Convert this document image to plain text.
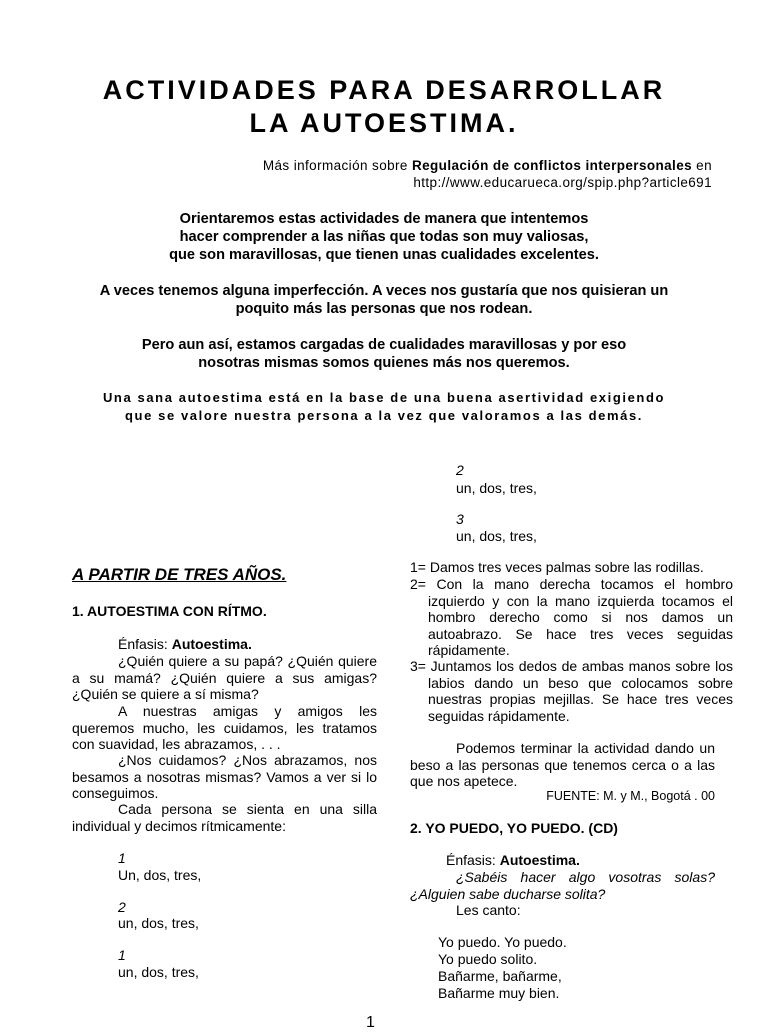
ACTIVIDADES PARA DESARROLLAR
LA AUTOESTIMA.
Más información sobre Regulación de conflictos interpersonales en
http://www.educarueca.org/spip.php?article691
Orientaremos estas actividades de manera que intentemos
hacer comprender a las niñas que todas son muy valiosas,
que son maravillosas, que tienen unas cualidades excelentes.
A veces tenemos alguna imperfección. A veces nos gustaría que nos quisieran un
poquito más las personas que nos rodean.
Pero aun así, estamos cargadas de cualidades maravillosas y por eso
nosotras mismas somos quienes más nos queremos.
Una sana autoestima está en la base de una buena asertividad exigiendo
que se valore nuestra persona a la vez que valoramos a las demás.
A PARTIR DE TRES AÑOS.
1. AUTOESTIMA CON RÍTMO.
Énfasis: Autoestima.
¿Quién quiere a su papá? ¿Quién quiere a su mamá? ¿Quién quiere a sus amigas? ¿Quién se quiere a sí misma?
A nuestras amigas y amigos les queremos mucho, les cuidamos, les tratamos con suavidad, les abrazamos, . . .
¿Nos cuidamos? ¿Nos abrazamos, nos besamos a nosotras mismas? Vamos a ver si lo conseguimos.
Cada persona se sienta en una silla individual y decimos rítmicamente:
1
Un, dos, tres,
2
un, dos, tres,
1
un, dos, tres,
2
un, dos, tres,
3
un, dos, tres,
1= Damos tres veces palmas sobre las rodillas.
2= Con la mano derecha tocamos el hombro izquierdo y con la mano izquierda tocamos el hombro derecho como si nos damos un autoabrazo. Se hace tres veces seguidas rápidamente.
3= Juntamos los dedos de ambas manos sobre los labios dando un beso que colocamos sobre nuestras propias mejillas. Se hace tres veces seguidas rápidamente.
Podemos terminar la actividad dando un beso a las personas que tenemos cerca o a las que nos apetece.
FUENTE: M. y M., Bogotá . 00
2. YO PUEDO, YO PUEDO. (CD)
Énfasis: Autoestima.
¿Sabéis hacer algo vosotras solas? ¿Alguien sabe ducharse solita?
Les canto:
Yo puedo. Yo puedo.
Yo puedo solito.
Bañarme, bañarme,
Bañarme muy bien.
1
